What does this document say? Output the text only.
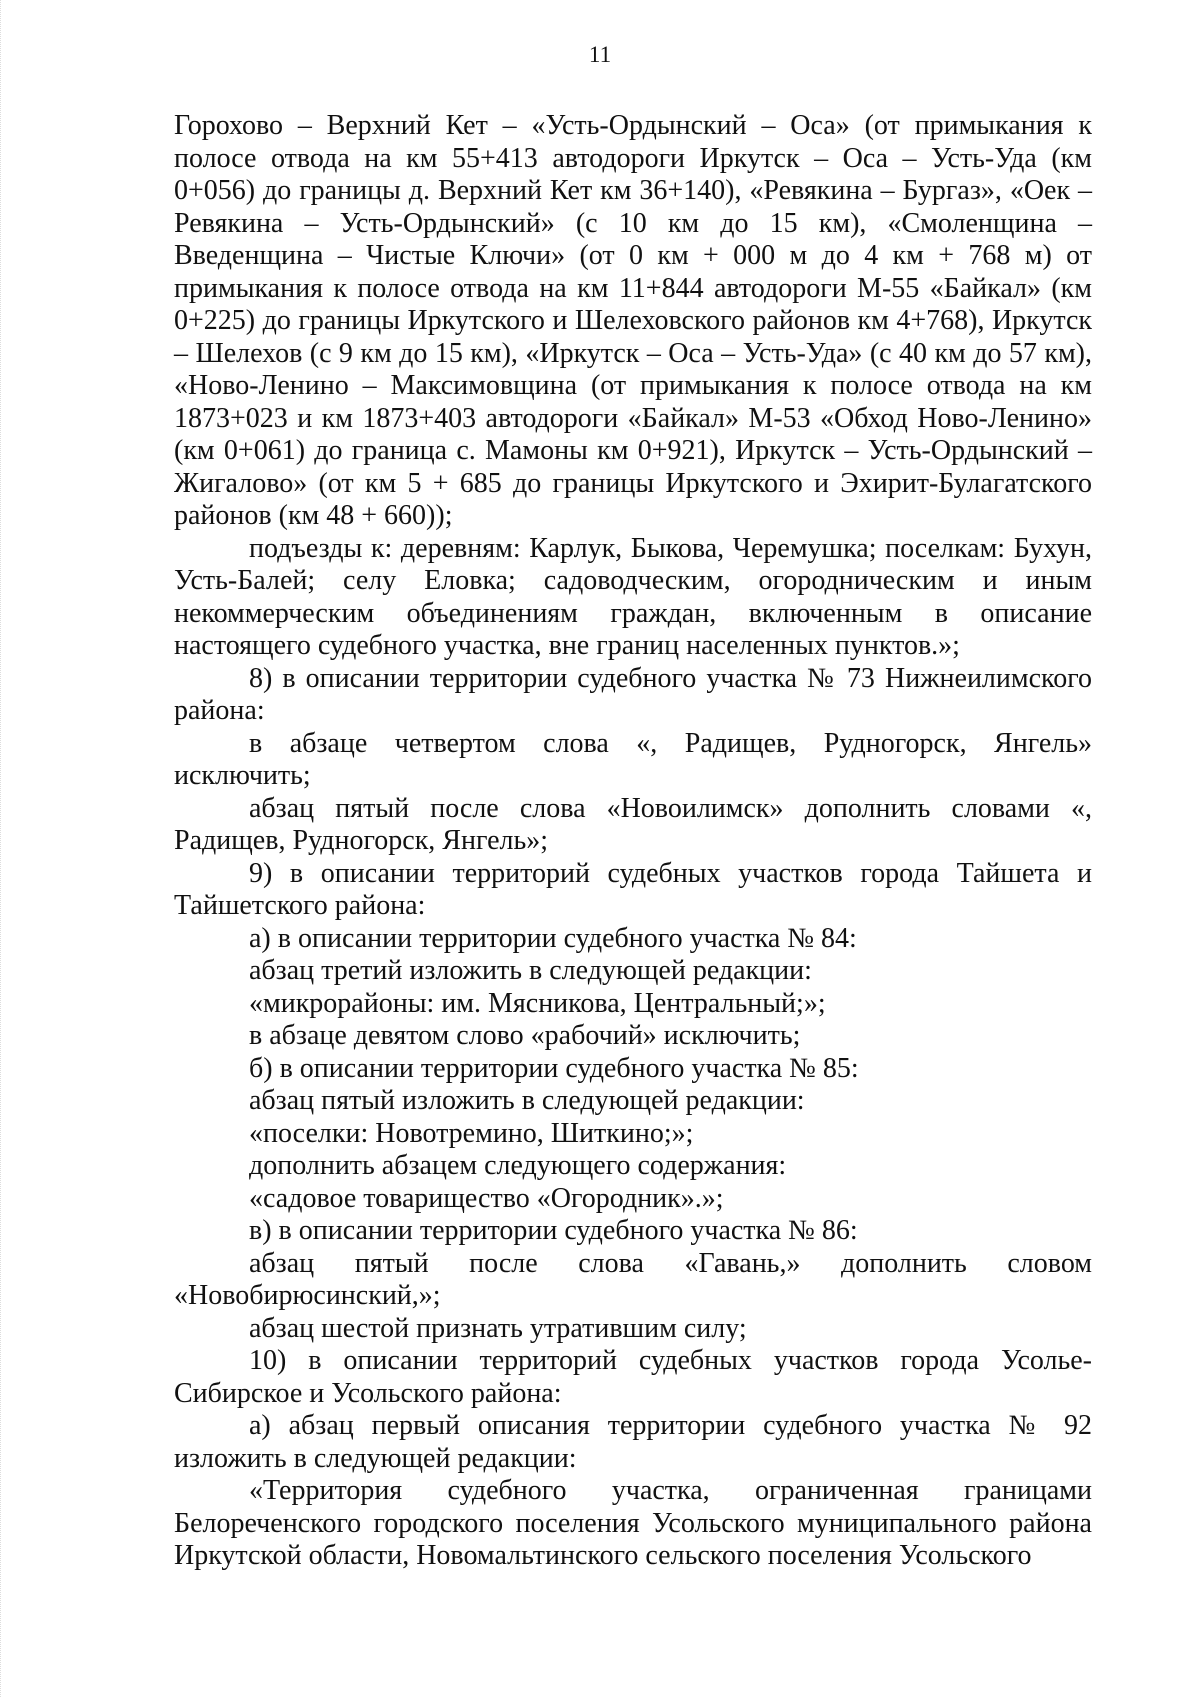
11

Горохово – Верхний Кет – «Усть-Ордынский – Оса» (от примыкания к полосе отвода на км 55+413 автодороги Иркутск – Оса – Усть-Уда (км 0+056) до границы д. Верхний Кет км 36+140), «Ревякина – Бургаз», «Оек – Ревякина – Усть-Ордынский» (с 10 км до 15 км), «Смоленщина – Введенщина – Чистые Ключи» (от 0 км + 000 м до 4 км + 768 м) от примыкания к полосе отвода на км 11+844 автодороги М-55 «Байкал» (км 0+225) до границы Иркутского и Шелеховского районов км 4+768), Иркутск – Шелехов (с 9 км до 15 км), «Иркутск – Оса – Усть-Уда» (с 40 км до 57 км), «Ново-Ленино – Максимовщина (от примыкания к полосе отвода на км 1873+023 и км 1873+403 автодороги «Байкал» М-53 «Обход Ново-Ленино» (км 0+061) до граница с. Мамоны км 0+921), Иркутск – Усть-Ордынский – Жигалово» (от км 5 + 685 до границы Иркутского и Эхирит-Булагатского районов (км 48 + 660));

подъезды к: деревням: Карлук, Быкова, Черемушка; поселкам: Бухун, Усть-Балей; селу Еловка; садоводческим, огородническим и иным некоммерческим объединениям граждан, включенным в описание настоящего судебного участка, вне границ населенных пунктов.»;

8) в описании территории судебного участка № 73 Нижнеилимского района:

в абзаце четвертом слова «, Радищев, Рудногорск, Янгель» исключить;

абзац пятый после слова «Новоилимск» дополнить словами «, Радищев, Рудногорск, Янгель»;

9) в описании территорий судебных участков города Тайшета и Тайшетского района:

а) в описании территории судебного участка № 84:

абзац третий изложить в следующей редакции:

«микрорайоны: им. Мясникова, Центральный;»;

в абзаце девятом слово «рабочий» исключить;

б) в описании территории судебного участка № 85:

абзац пятый изложить в следующей редакции:

«поселки: Новотремино, Шиткино;»;

дополнить абзацем следующего содержания:

«садовое товарищество «Огородник».»;

в) в описании территории судебного участка № 86:

абзац пятый после слова «Гавань,» дополнить словом «Новобирюсинский,»;

абзац шестой признать утратившим силу;

10) в описании территорий судебных участков города Усолье-Сибирское и Усольского района:

а) абзац первый описания территории судебного участка № 92 изложить в следующей редакции:

«Территория судебного участка, ограниченная границами Белореченского городского поселения Усольского муниципального района Иркутской области, Новомальтинского сельского поселения Усольского
